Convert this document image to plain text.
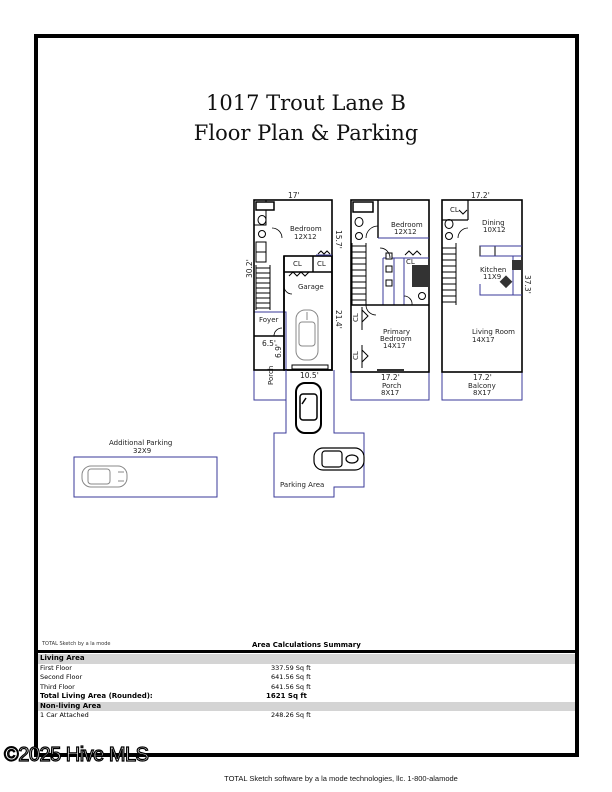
1017 Trout Lane B
Floor Plan & Parking
17'
30.2'
15.7'
21.4'
6.5'
6.9'
10.5'
Bedroom
12X12
CL CL
Garage
Foyer
Porch
Bedroom
12X12
CL
CL
CL
Primary
Bedroom
14X17
17.2'
Porch
8X17
17.2'
37.3'
CL
Dining
10X12
Kitchen
11X9
Living Room
14X17
17.2'
Balcony
8X17
Additional Parking
32X9
Parking Area
TOTAL Sketch by a la mode	Area Calculations Summary
Living Area
First Floor	337.59 Sq ft
Second Floor	641.56 Sq ft
Third Floor	641.56 Sq ft
Total Living Area (Rounded):	1621 Sq ft
Non-living Area
1 Car Attached	248.26 Sq ft
©2025 Hive MLS
TOTAL Sketch software by a la mode technologies, llc. 1-800-alamode
